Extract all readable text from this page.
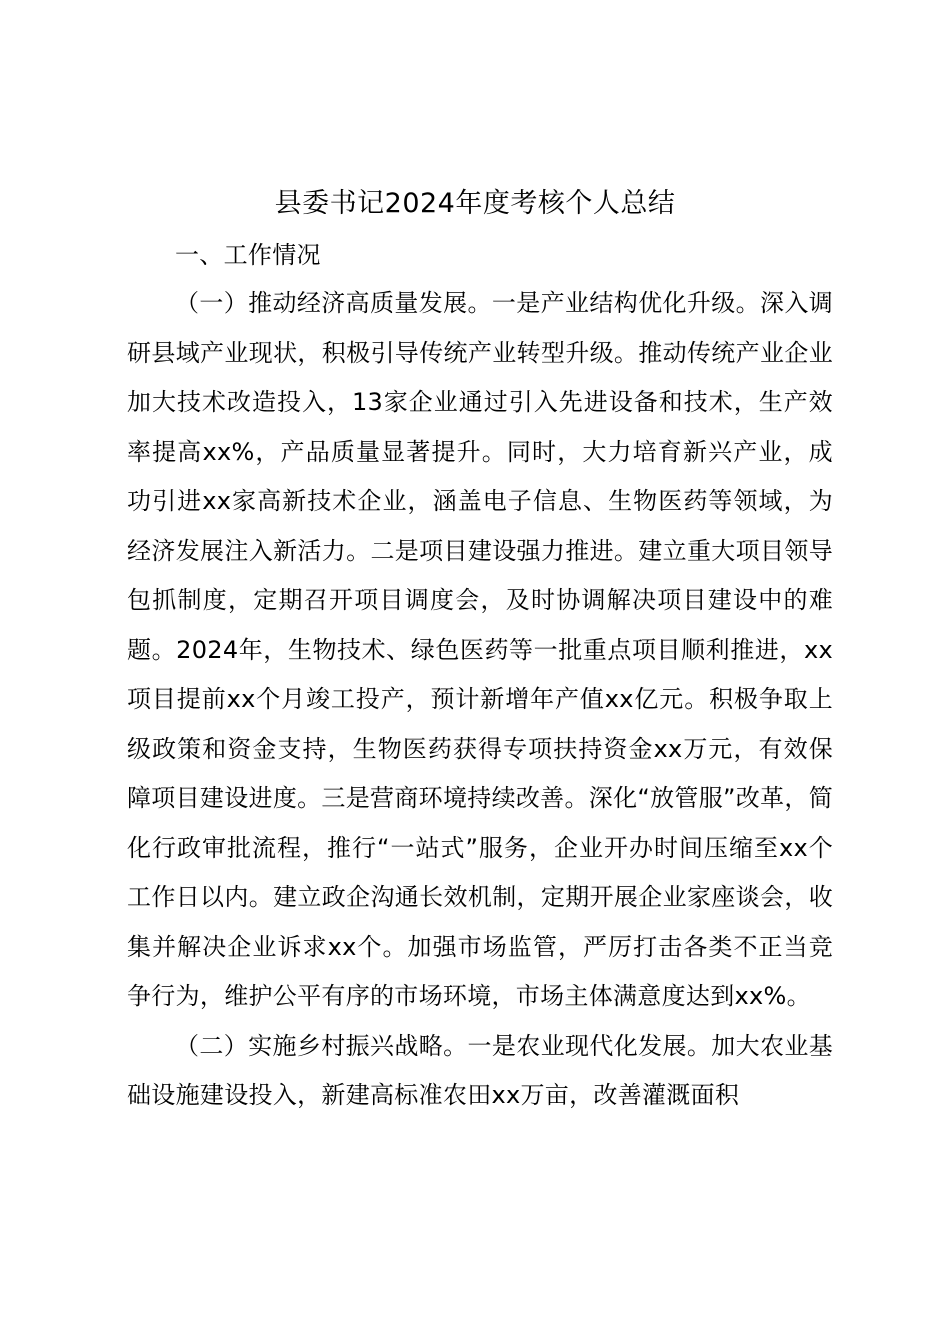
县委书记2024年度考核个人总结

一、工作情况

（一）推动经济高质量发展。一是产业结构优化升级。深入调研县域产业现状，积极引导传统产业转型升级。推动传统产业企业加大技术改造投入，13家企业通过引入先进设备和技术，生产效率提高xx%，产品质量显著提升。同时，大力培育新兴产业，成功引进xx家高新技术企业，涵盖电子信息、生物医药等领域，为经济发展注入新活力。二是项目建设强力推进。建立重大项目领导包抓制度，定期召开项目调度会，及时协调解决项目建设中的难题。2024年，生物技术、绿色医药等一批重点项目顺利推进，xx项目提前xx个月竣工投产，预计新增年产值xx亿元。积极争取上级政策和资金支持，生物医药获得专项扶持资金xx万元，有效保障项目建设进度。三是营商环境持续改善。深化“放管服”改革，简化行政审批流程，推行“一站式”服务，企业开办时间压缩至xx个工作日以内。建立政企沟通长效机制，定期开展企业家座谈会，收集并解决企业诉求xx个。加强市场监管，严厉打击各类不正当竞争行为，维护公平有序的市场环境，市场主体满意度达到xx%。

（二）实施乡村振兴战略。一是农业现代化发展。加大农业基础设施建设投入，新建高标准农田xx万亩，改善灌溉面积
